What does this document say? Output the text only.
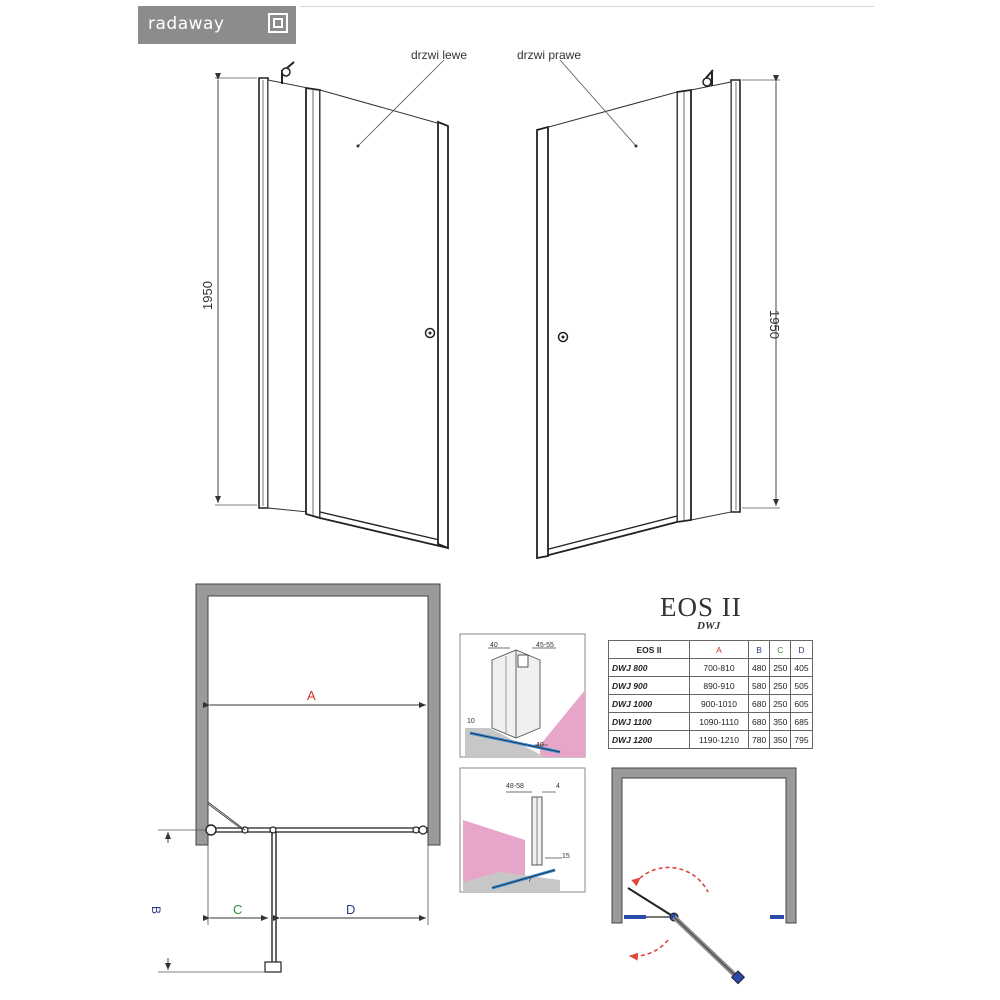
radaway
drzwi lewe
1950
drzwi prawe
1950
A
B	C	D
40	45-55
10
40
48-58	4
15
7
EOS II
DWJ
EOS II	A	B	C	D
DWJ 800	700-810	480	250	405
DWJ 900	890-910	580	250	505
DWJ 1000	900-1010	680	250	605
DWJ 1100	1090-1110	680	350	685
DWJ 1200	1190-1210	780	350	795
